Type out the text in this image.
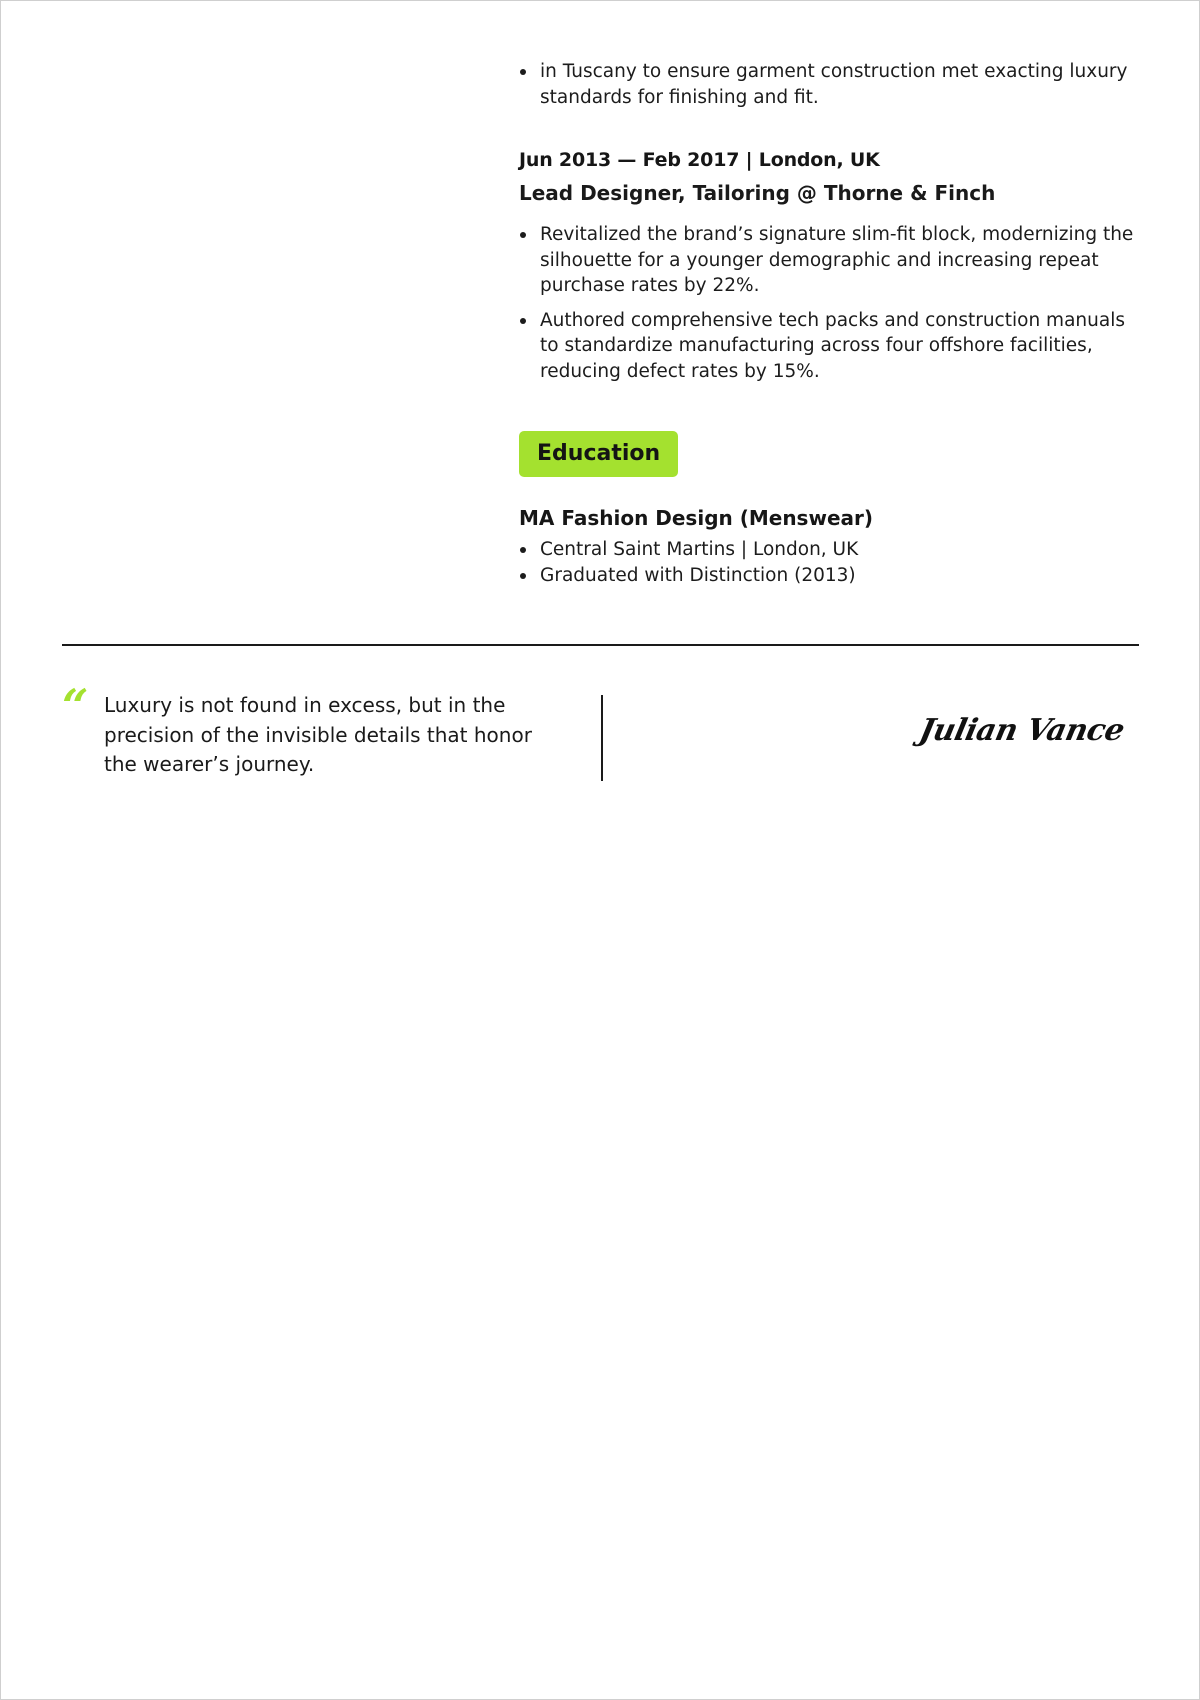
in Tuscany to ensure garment construction met exacting luxury standards for finishing and fit.
Jun 2013 — Feb 2017 | London, UK
Lead Designer, Tailoring @ Thorne & Finch
Revitalized the brand’s signature slim-fit block, modernizing the silhouette for a younger demographic and increasing repeat purchase rates by 22%.
Authored comprehensive tech packs and construction manuals to standardize manufacturing across four offshore facilities, reducing defect rates by 15%.
Education
MA Fashion Design (Menswear)
Central Saint Martins | London, UK
Graduated with Distinction (2013)
“ Luxury is not found in excess, but in the precision of the invisible details that honor the wearer’s journey.

Julian Vance
